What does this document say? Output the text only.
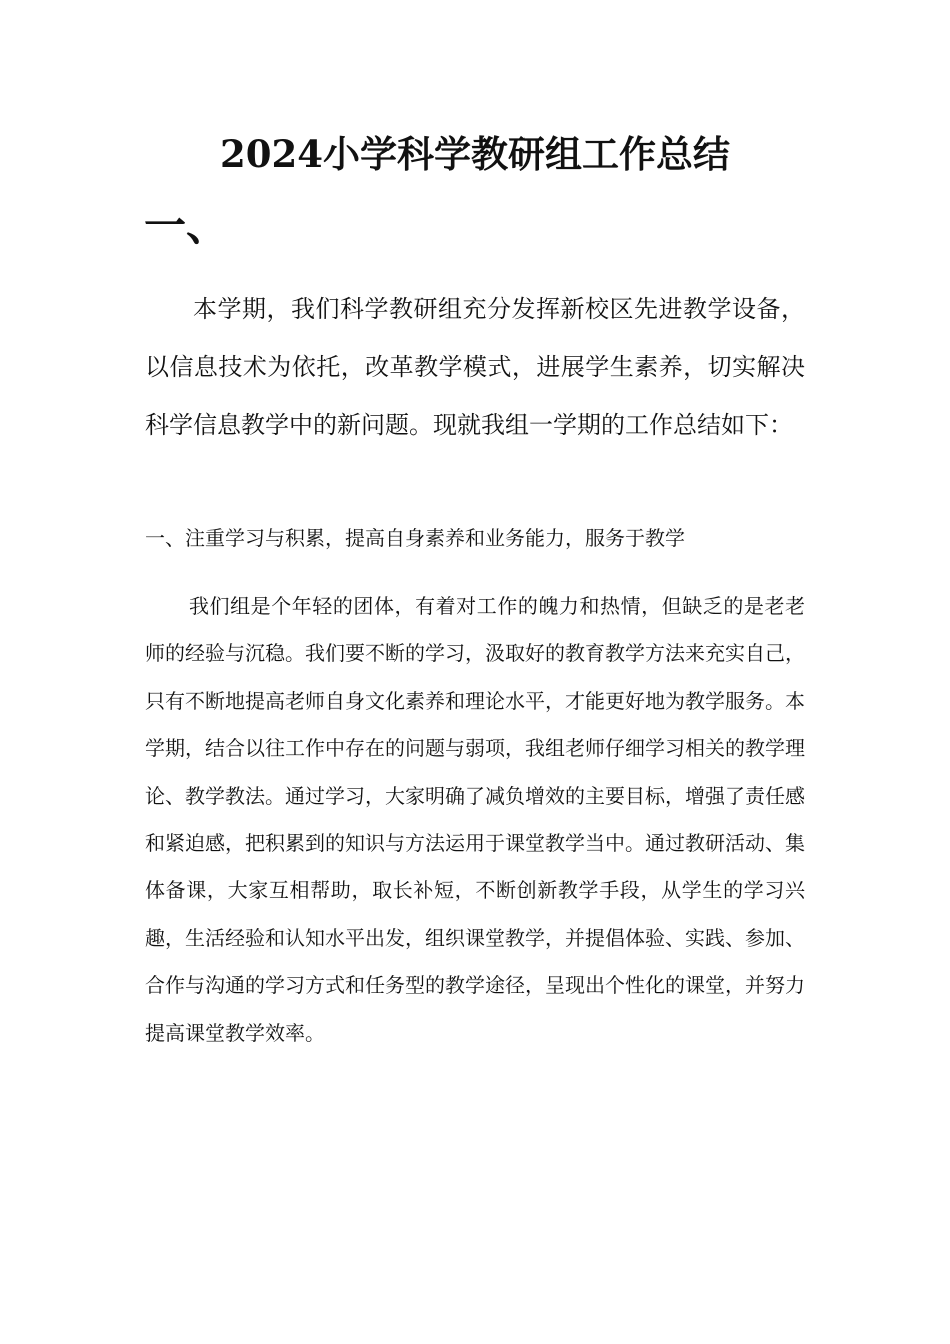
2024小学科学教研组工作总结
一、

本学期，我们科学教研组充分发挥新校区先进教学设备，以信息技术为依托，改革教学模式，进展学生素养，切实解决科学信息教学中的新问题。现就我组一学期的工作总结如下：

一、注重学习与积累，提高自身素养和业务能力，服务于教学

我们组是个年轻的团体，有着对工作的魄力和热情，但缺乏的是老老师的经验与沉稳。我们要不断的学习，汲取好的教育教学方法来充实自己，只有不断地提高老师自身文化素养和理论水平，才能更好地为教学服务。本学期，结合以往工作中存在的问题与弱项，我组老师仔细学习相关的教学理论、教学教法。通过学习，大家明确了减负增效的主要目标，增强了责任感和紧迫感，把积累到的知识与方法运用于课堂教学当中。通过教研活动、集体备课，大家互相帮助，取长补短，不断创新教学手段，从学生的学习兴趣，生活经验和认知水平出发，组织课堂教学，并提倡体验、实践、参加、合作与沟通的学习方式和任务型的教学途径，呈现出个性化的课堂，并努力提高课堂教学效率。
